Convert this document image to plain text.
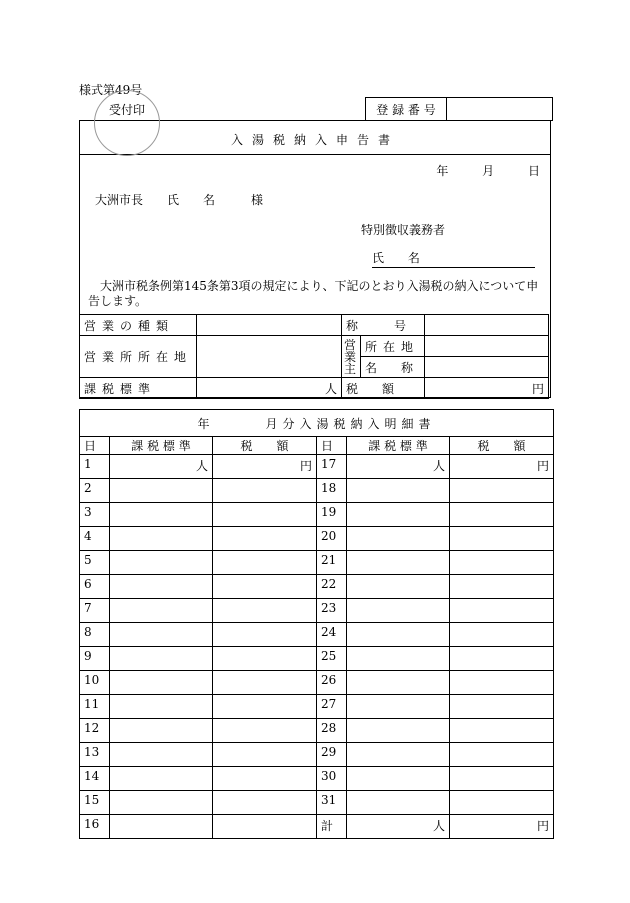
様式第49号
登 録 番 号	
入湯税納入申告書
年 月 日
大洲市長　　氏　　名　　　様
特別徴収義務者
氏 名
大洲市税条例第145条第3項の規定により、下記のとおり入湯税の納入について申告します。
営業の種類		称　　　号		
営業所所在地		営業主	所在地	
			名　　称	
課税標準	人	税　　額		円
受付印
年　　　月分入湯税納入明細書					
日	課 税 標 準	税　　額	日	課 税 標 準	税　　額
1	人	円	17	人	円
2			18		
3			19		
4			20		
5			21		
6			22		
7			23		
8			24		
9			25		
10			26		
11			27		
12			28		
13			29		
14			30		
15			31		
16			計	人	円
